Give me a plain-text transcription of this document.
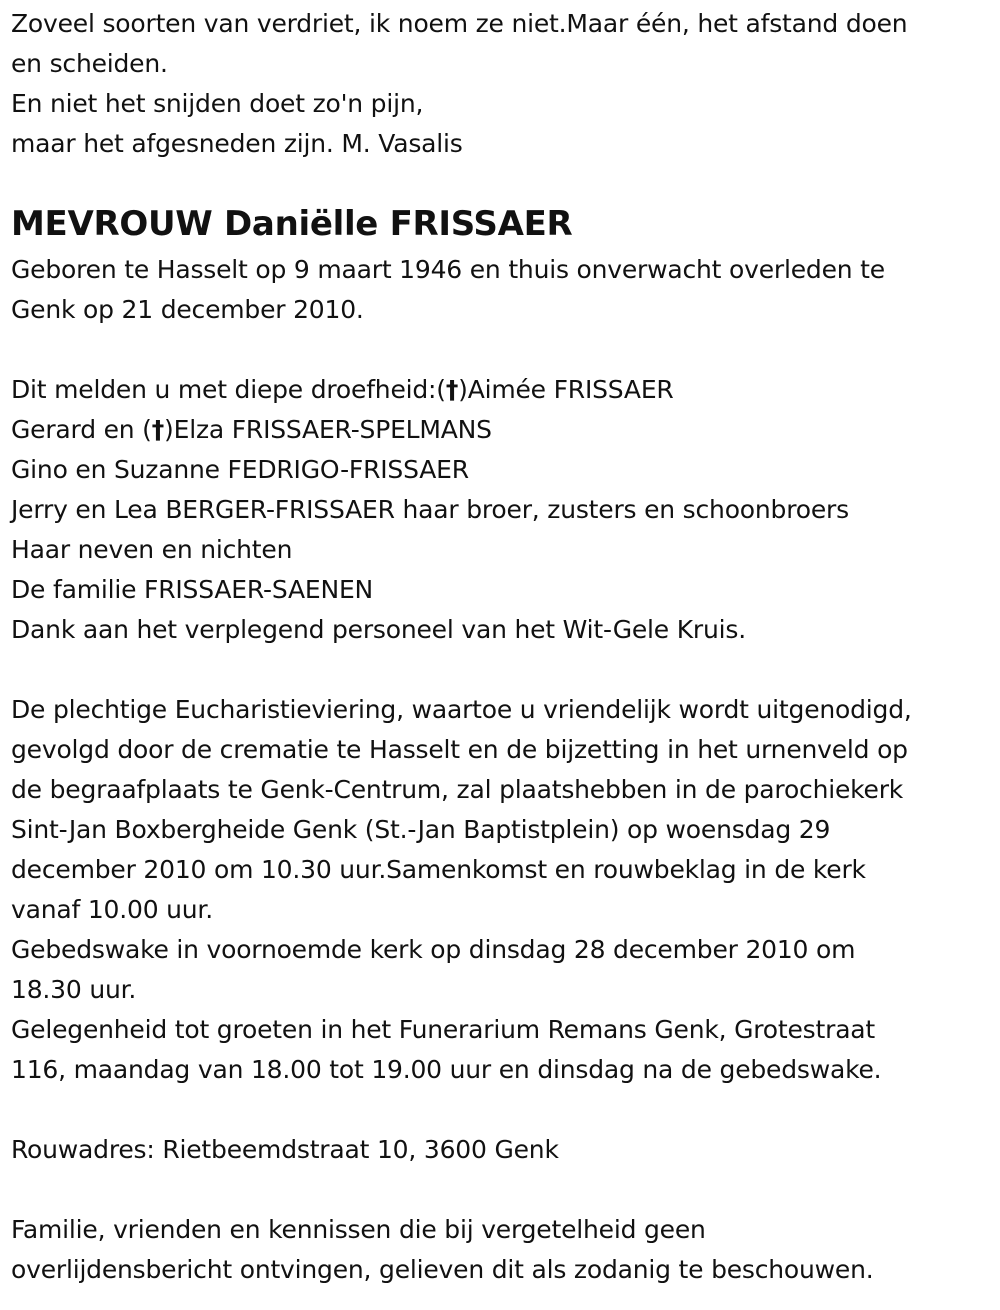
Zoveel soorten van verdriet, ik noem ze niet.Maar één, het afstand doen
en scheiden.
En niet het snijden doet zo'n pijn,
maar het afgesneden zijn. M. Vasalis
MEVROUW Daniëlle FRISSAER
Geboren te Hasselt op 9 maart 1946 en thuis onverwacht overleden te
Genk op 21 december 2010.
Dit melden u met diepe droefheid:(†)Aimée FRISSAER
Gerard en (†)Elza FRISSAER-SPELMANS
Gino en Suzanne FEDRIGO-FRISSAER
Jerry en Lea BERGER-FRISSAER haar broer, zusters en schoonbroers
Haar neven en nichten
De familie FRISSAER-SAENEN
Dank aan het verplegend personeel van het Wit-Gele Kruis.
De plechtige Eucharistieviering, waartoe u vriendelijk wordt uitgenodigd,
gevolgd door de crematie te Hasselt en de bijzetting in het urnenveld op
de begraafplaats te Genk-Centrum, zal plaatshebben in de parochiekerk
Sint-Jan Boxbergheide Genk (St.-Jan Baptistplein) op woensdag 29
december 2010 om 10.30 uur.Samenkomst en rouwbeklag in de kerk
vanaf 10.00 uur.
Gebedswake in voornoemde kerk op dinsdag 28 december 2010 om
18.30 uur.
Gelegenheid tot groeten in het Funerarium Remans Genk, Grotestraat
116, maandag van 18.00 tot 19.00 uur en dinsdag na de gebedswake.
Rouwadres: Rietbeemdstraat 10, 3600 Genk
Familie, vrienden en kennissen die bij vergetelheid geen
overlijdensbericht ontvingen, gelieven dit als zodanig te beschouwen.
